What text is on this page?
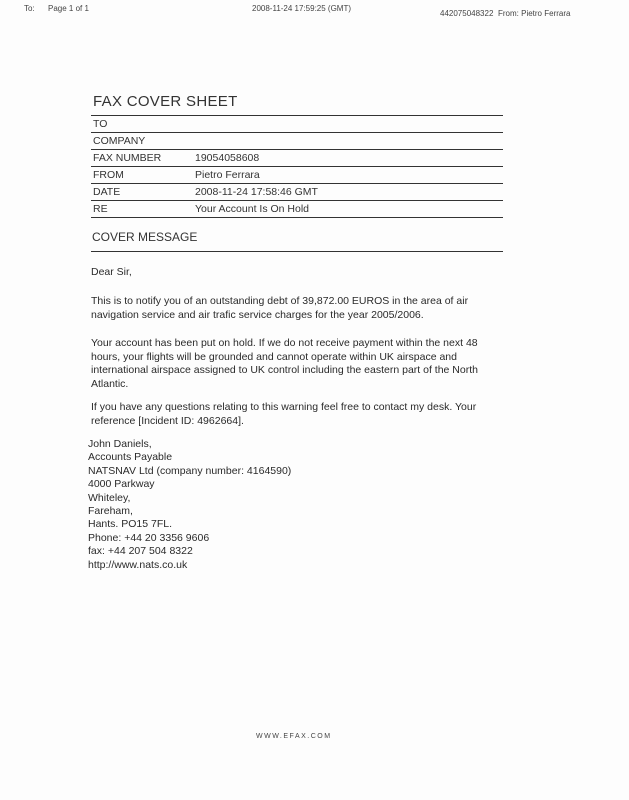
To: Page 1 of 1	2008-11-24 17:59:25 (GMT)
442075048322 From: Pietro Ferrara
FAX COVER SHEET
TO
COMPANY
FAX NUMBER	19054058608
FROM	Pietro Ferrara
DATE	2008-11-24 17:58:46 GMT
RE	Your Account Is On Hold
COVER MESSAGE
Dear Sir,
This is to notify you of an outstanding debt of 39,872.00 EUROS in the area of air navigation service and air trafic service charges for the year 2005/2006.
Your account has been put on hold. If we do not receive payment within the next 48 hours, your flights will be grounded and cannot operate within UK airspace and international airspace assigned to UK control including the eastern part of the North Atlantic.
If you have any questions relating to this warning feel free to contact my desk. Your reference [Incident ID: 4962664].
John Daniels,
Accounts Payable
NATSNAV Ltd (company number: 4164590)
4000 Parkway
Whiteley,
Fareham,
Hants. PO15 7FL.
Phone: +44 20 3356 9606
fax: +44 207 504 8322
http://www.nats.co.uk
WWW.EFAX.COM
